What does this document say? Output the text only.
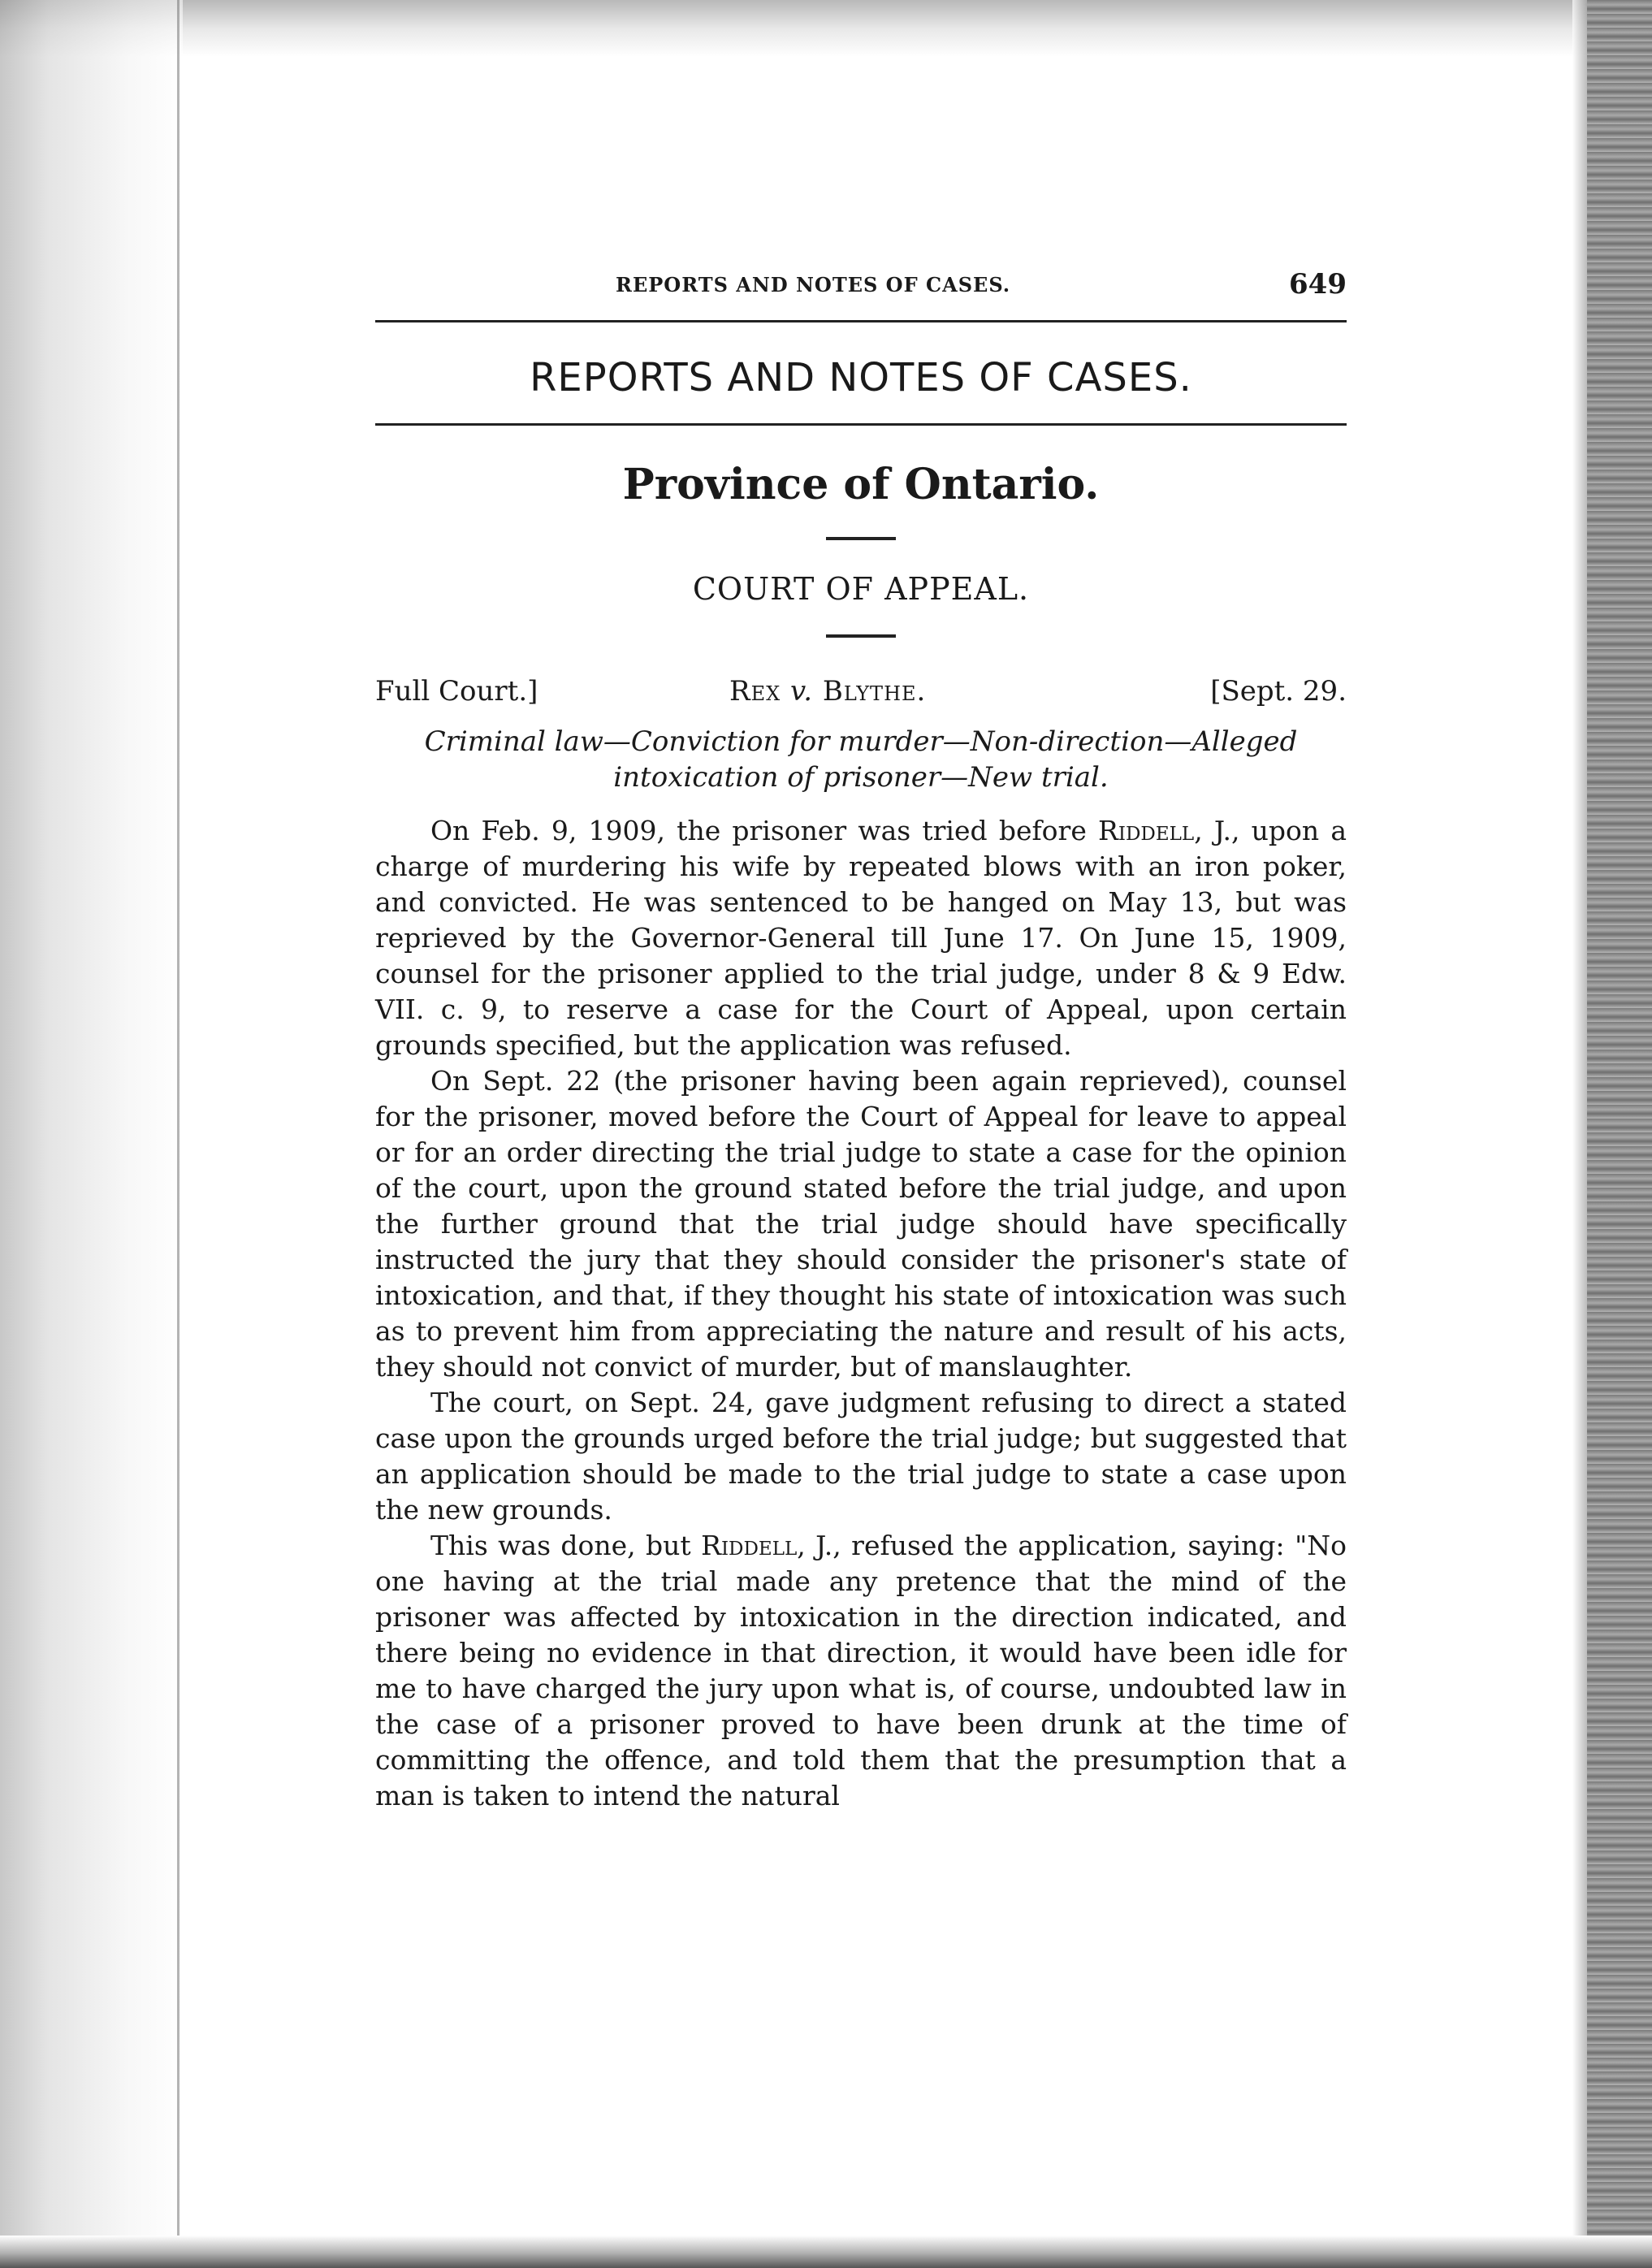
REPORTS AND NOTES OF CASES.	649
REPORTS AND NOTES OF CASES.
Province of Ontario.
COURT OF APPEAL.
Full Court.]	Rex v. Blythe.	[Sept. 29.
Criminal law—Conviction for murder—Non-direction—Alleged intoxication of prisoner—New trial.

On Feb. 9, 1909, the prisoner was tried before Riddell, J., upon a charge of murdering his wife by repeated blows with an iron poker, and convicted. He was sentenced to be hanged on May 13, but was reprieved by the Governor-General till June 17. On June 15, 1909, counsel for the prisoner applied to the trial judge, under 8 & 9 Edw. VII. c. 9, to reserve a case for the Court of Appeal, upon certain grounds specified, but the application was refused.

On Sept. 22 (the prisoner having been again reprieved), counsel for the prisoner, moved before the Court of Appeal for leave to appeal or for an order directing the trial judge to state a case for the opinion of the court, upon the ground stated before the trial judge, and upon the further ground that the trial judge should have specifically instructed the jury that they should consider the prisoner's state of intoxication, and that, if they thought his state of intoxication was such as to prevent him from appreciating the nature and result of his acts, they should not convict of murder, but of manslaughter.

The court, on Sept. 24, gave judgment refusing to direct a stated case upon the grounds urged before the trial judge; but suggested that an application should be made to the trial judge to state a case upon the new grounds.

This was done, but Riddell, J., refused the application, saying: "No one having at the trial made any pretence that the mind of the prisoner was affected by intoxication in the direction indicated, and there being no evidence in that direction, it would have been idle for me to have charged the jury upon what is, of course, undoubted law in the case of a prisoner proved to have been drunk at the time of committing the offence, and told them that the presumption that a man is taken to intend the natural
